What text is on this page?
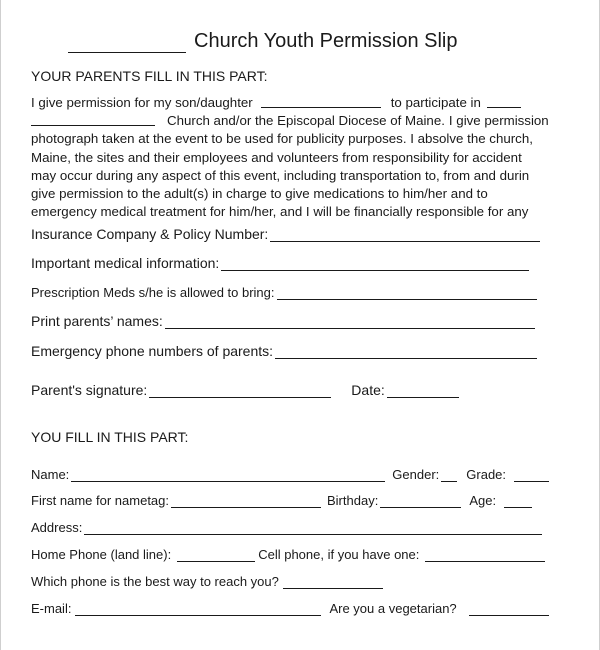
Church Youth Permission Slip
YOUR PARENTS FILL IN THIS PART:
I give permission for my son/daughter	to participate in
Church and/or the Episcopal Diocese of Maine. I give permission
photograph taken at the event to be used for publicity purposes. I absolve the church,
Maine, the sites and their employees and volunteers from responsibility for accident
may occur during any aspect of this event, including transportation to, from and durin
give permission to the adult(s) in charge to give medications to him/her and to
emergency medical treatment for him/her, and I will be financially responsible for any
Insurance Company & Policy Number:
Important medical information:
Prescription Meds s/he is allowed to bring:
Print parents’ names:
Emergency phone numbers of parents:
Parent's signature:	Date:
YOU FILL IN THIS PART:
Name:	Gender: Grade:
First name for nametag:	Birthday:	Age:
Address:
Home Phone (land line):	Cell phone, if you have one:
Which phone is the best way to reach you?
E-mail:	Are you a vegetarian?
